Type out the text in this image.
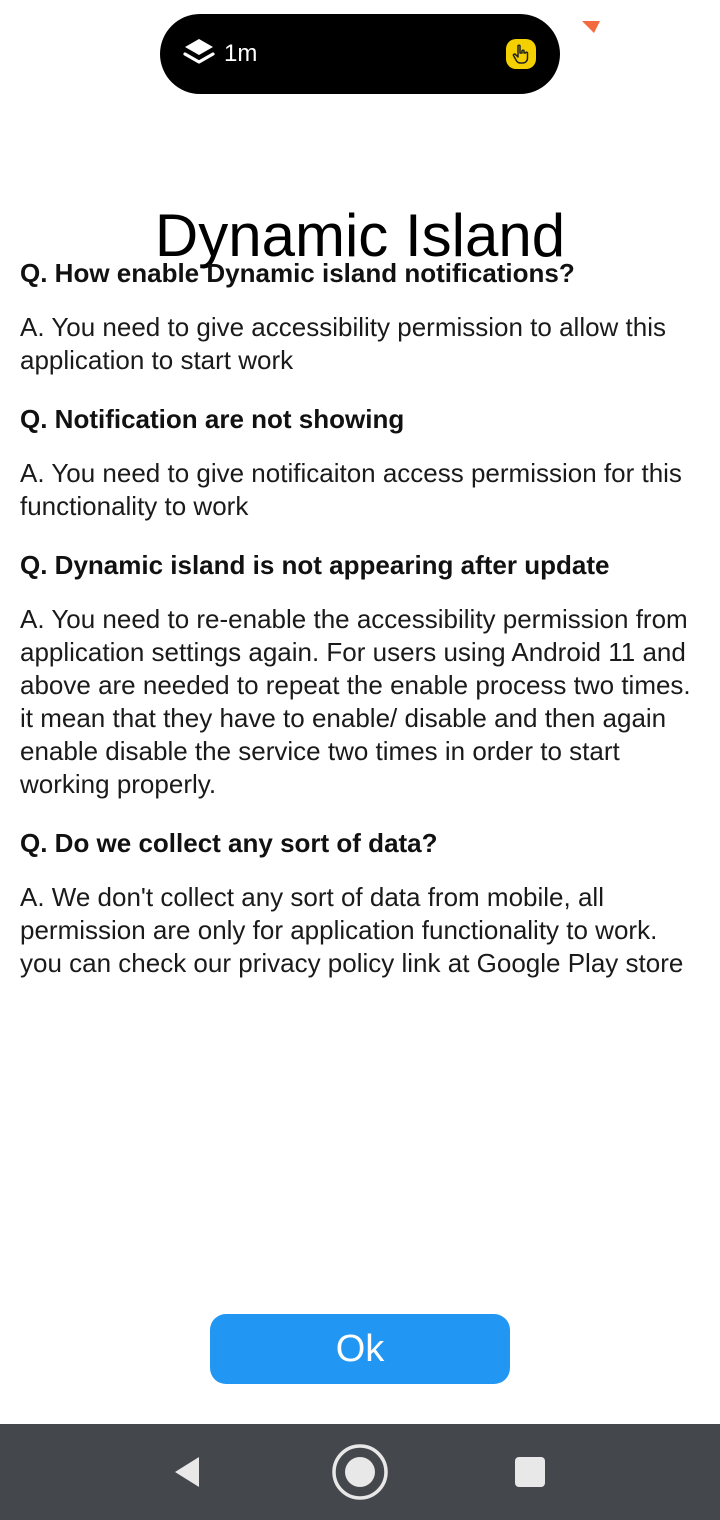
1m
Dynamic Island

Q. How enable Dynamic island notifications?

A. You need to give accessibility permission to allow this application to start work

Q. Notification are not showing

A. You need to give notificaiton access permission for this functionality to work

Q. Dynamic island is not appearing after update

A. You need to re-enable the accessibility permission from application settings again. For users using Android 11 and above are needed to repeat the enable process two times. it mean that they have to enable/ disable and then again enable disable the service two times in order to start working properly.

Q. Do we collect any sort of data?

A. We don't collect any sort of data from mobile, all permission are only for application functionality to work. you can check our privacy policy link at Google Play store

Ok
